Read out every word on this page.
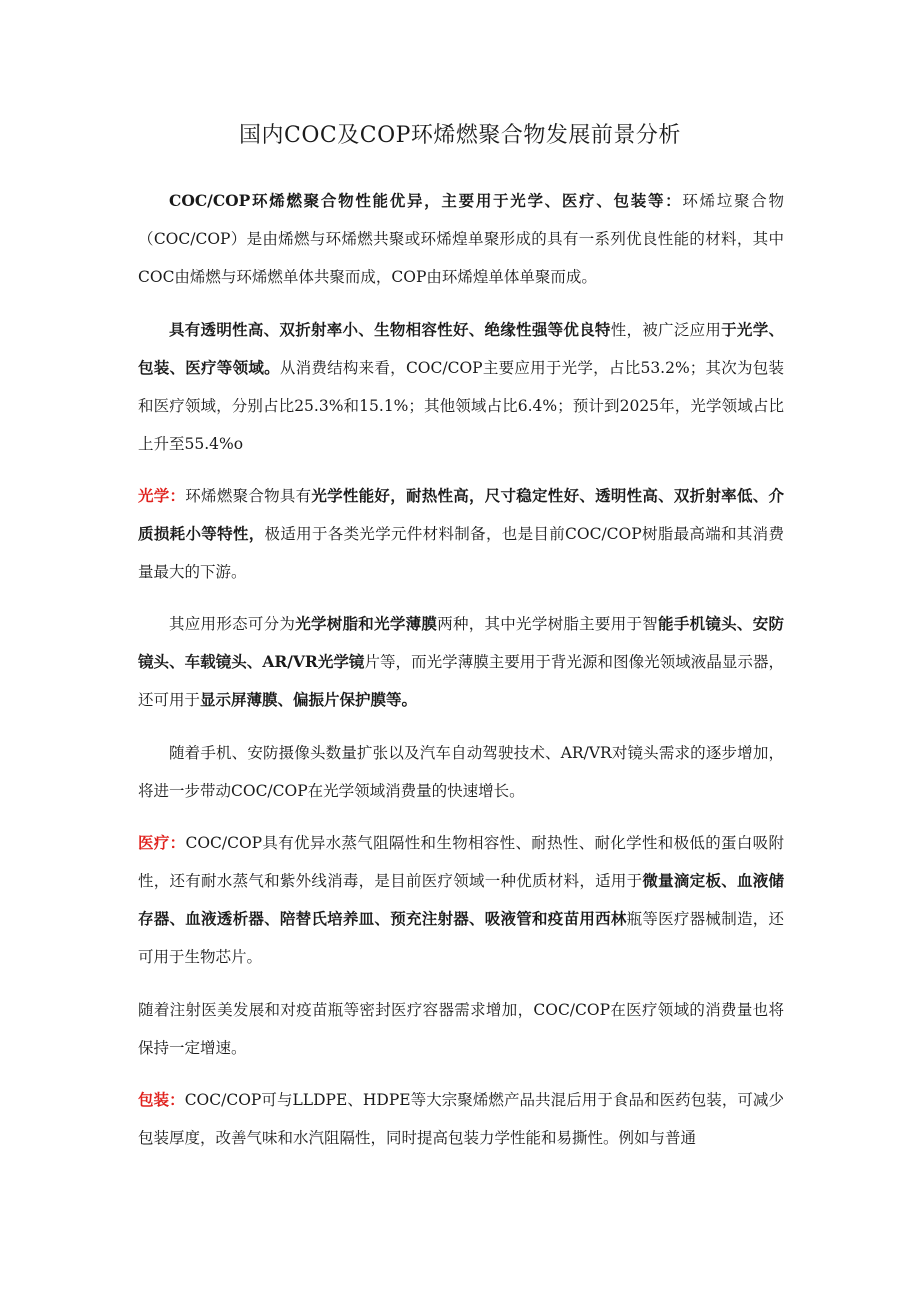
国内COC及COP环烯燃聚合物发展前景分析

COC/COP环烯燃聚合物性能优异，主要用于光学、医疗、包装等：环烯垃聚合物（COC/COP）是由烯燃与环烯燃共聚或环烯煌单聚形成的具有一系列优良性能的材料，其中COC由烯燃与环烯燃单体共聚而成，COP由环烯煌单体单聚而成。

具有透明性高、双折射率小、生物相容性好、绝缘性强等优良特性，被广泛应用于光学、包装、医疗等领域。从消费结构来看，COC/COP主要应用于光学，占比53.2%；其次为包装和医疗领域，分别占比25.3%和15.1%；其他领域占比6.4%；预计到2025年，光学领域占比上升至55.4%o

光学：环烯燃聚合物具有光学性能好，耐热性高，尺寸稳定性好、透明性高、双折射率低、介质损耗小等特性，极适用于各类光学元件材料制备，也是目前COC/COP树脂最高端和其消费量最大的下游。

其应用形态可分为光学树脂和光学薄膜两种，其中光学树脂主要用于智能手机镜头、安防镜头、车载镜头、AR/VR光学镜片等，而光学薄膜主要用于背光源和图像光领域液晶显示器，还可用于显示屏薄膜、偏振片保护膜等。

随着手机、安防摄像头数量扩张以及汽车自动驾驶技术、AR/VR对镜头需求的逐步增加，将进一步带动COC/COP在光学领域消费量的快速增长。

医疗：COC/COP具有优异水蒸气阻隔性和生物相容性、耐热性、耐化学性和极低的蛋白吸附性，还有耐水蒸气和紫外线消毒，是目前医疗领域一种优质材料，适用于微量滴定板、血液储存器、血液透析器、陪替氏培养皿、预充注射器、吸液管和疫苗用西林瓶等医疗器械制造，还可用于生物芯片。

随着注射医美发展和对疫苗瓶等密封医疗容器需求增加，COC/COP在医疗领域的消费量也将保持一定增速。

包装：COC/COP可与LLDPE、HDPE等大宗聚烯燃产品共混后用于食品和医药包装，可减少包装厚度，改善气味和水汽阻隔性，同时提高包装力学性能和易撕性。例如与普通
